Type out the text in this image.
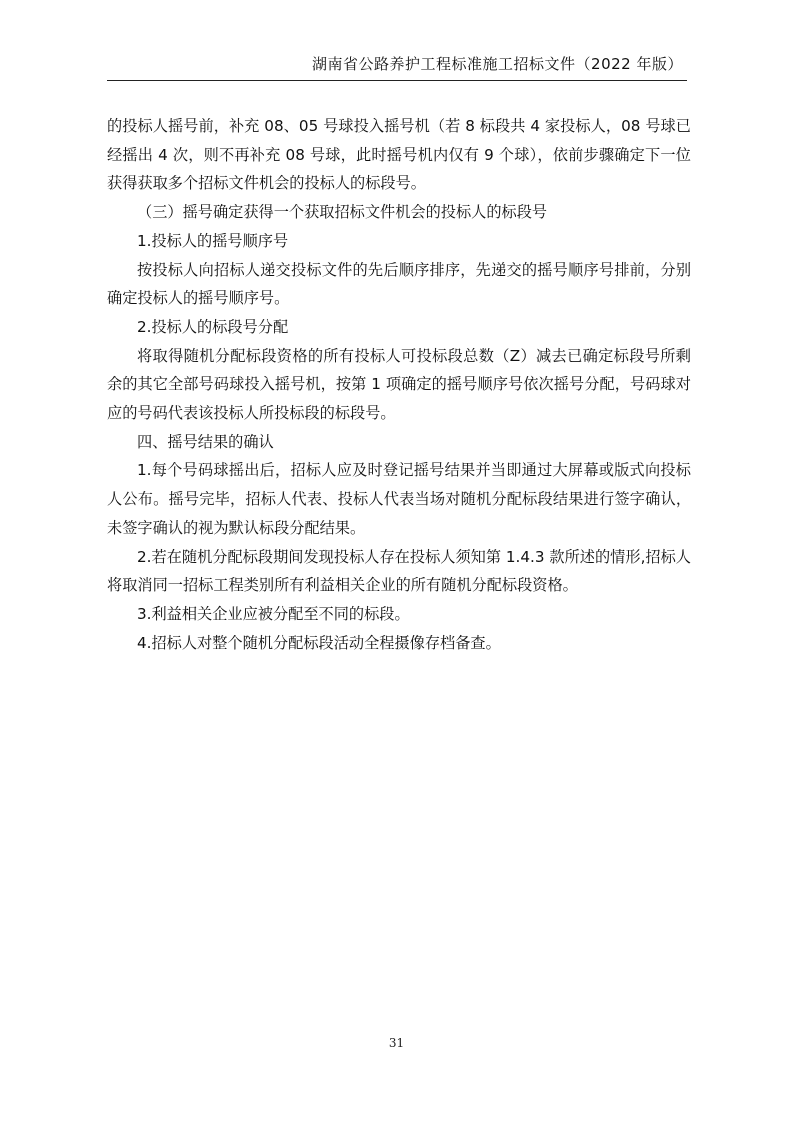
湖南省公路养护工程标准施工招标文件（2022 年版）

的投标人摇号前，补充 08、05 号球投入摇号机（若 8 标段共 4 家投标人，08 号球已经摇出 4 次，则不再补充 08 号球，此时摇号机内仅有 9 个球），依前步骤确定下一位获得获取多个招标文件机会的投标人的标段号。

（三）摇号确定获得一个获取招标文件机会的投标人的标段号

1.投标人的摇号顺序号

按投标人向招标人递交投标文件的先后顺序排序，先递交的摇号顺序号排前，分别确定投标人的摇号顺序号。

2.投标人的标段号分配

将取得随机分配标段资格的所有投标人可投标段总数（Z）减去已确定标段号所剩余的其它全部号码球投入摇号机，按第 1 项确定的摇号顺序号依次摇号分配，号码球对应的号码代表该投标人所投标段的标段号。

四、摇号结果的确认

1.每个号码球摇出后，招标人应及时登记摇号结果并当即通过大屏幕或版式向投标人公布。摇号完毕，招标人代表、投标人代表当场对随机分配标段结果进行签字确认，未签字确认的视为默认标段分配结果。

2.若在随机分配标段期间发现投标人存在投标人须知第 1.4.3 款所述的情形,招标人将取消同一招标工程类别所有利益相关企业的所有随机分配标段资格。

3.利益相关企业应被分配至不同的标段。

4.招标人对整个随机分配标段活动全程摄像存档备查。

31
